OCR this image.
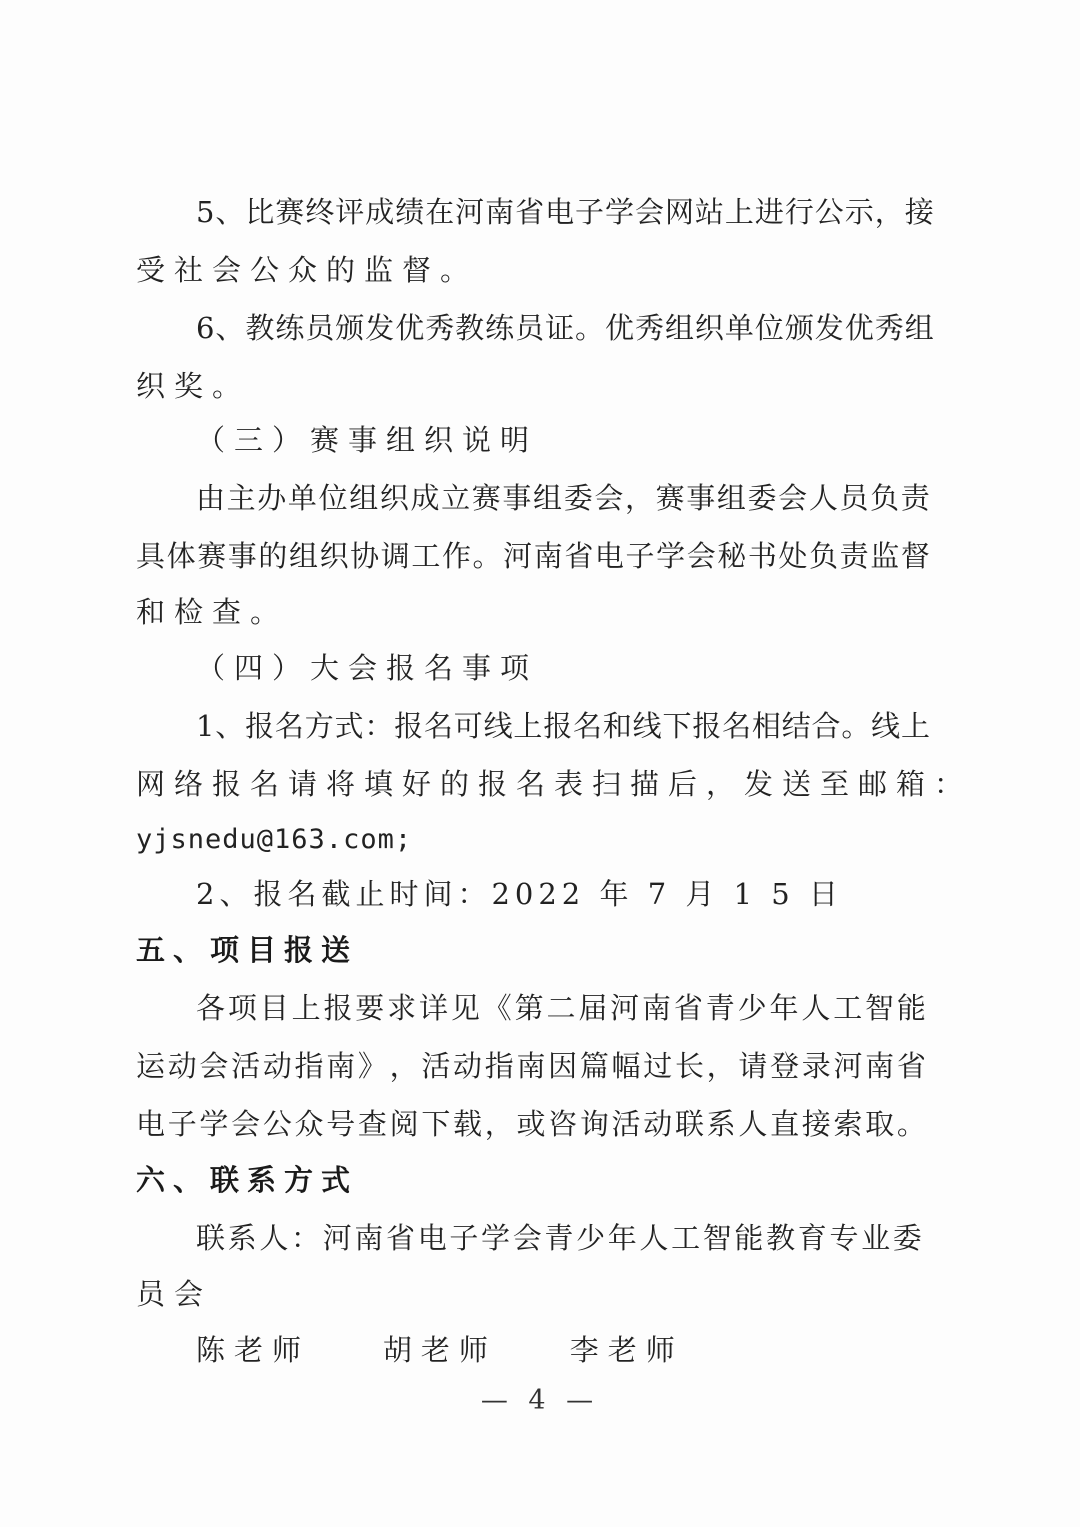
5 、 比 赛 终 评 成 绩 在 河 南 省 电 子 学 会 网 站 上 进 行 公 示 ， 接
受社会公众的监督。
6 、 教 练 员 颁 发 优 秀 教 练 员 证 。 优 秀 组 织 单 位 颁 发 优 秀 组
织奖。
（三）赛事组织说明
由 主 办 单 位 组 织 成 立 赛 事 组 委 会 ， 赛 事 组 委 会 人 员 负 责
具 体 赛 事 的 组 织 协 调 工 作 。 河 南 省 电 子 学 会 秘 书 处 负 责 监 督
和检查。
（四）大会报名事项
1 、 报 名 方 式 ： 报 名 可 线 上 报 名 和 线 下 报 名 相 结 合 。 线 上
网络报名请将填好的报名表扫描后，发送至邮箱：
yjsnedu@163.com;
2、报名截止时间：2022 年 7 月 1 5 日
五、项目报送
各 项 目 上 报 要 求 详 见 《 第 二 届 河 南 省 青 少 年 人 工 智 能
运 动 会 活 动 指 南 》 ， 活 动 指 南 因 篇 幅 过 长 ， 请 登 录 河 南 省
电 子 学 会 公 众 号 查 阅 下 载 ， 或 咨 询 活 动 联 系 人 直 接 索 取 。
六、联系方式
联 系 人 ： 河 南 省 电 子 学 会 青 少 年 人 工 智 能 教 育 专 业 委
员会
陈老师    胡老师    李老师
— 4 —
